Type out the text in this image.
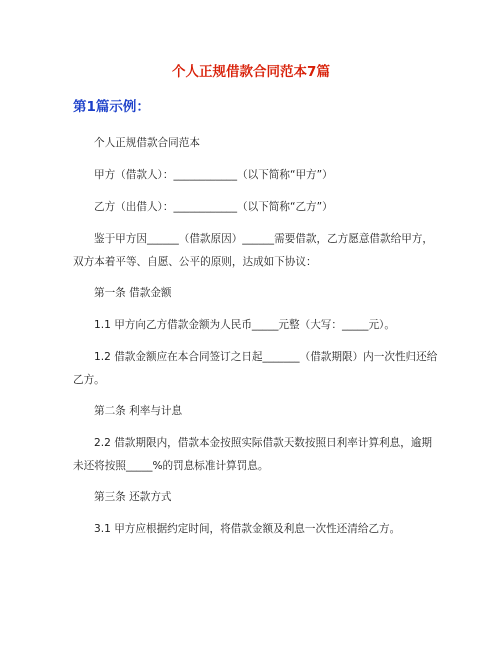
个人正规借款合同范本7篇
第1篇示例：
个人正规借款合同范本
甲方（借款人）：____________（以下简称“甲方”）
乙方（出借人）：____________（以下简称“乙方”）
鉴于甲方因______（借款原因）______需要借款，乙方愿意借款给甲方，双方本着平等、自愿、公平的原则，达成如下协议：
第一条 借款金额
1.1 甲方向乙方借款金额为人民币_____元整（大写：_____元）。
1.2 借款金额应在本合同签订之日起_______（借款期限）内一次性归还给乙方。
第二条 利率与计息
2.2 借款期限内，借款本金按照实际借款天数按照日利率计算利息，逾期未还将按照_____%的罚息标准计算罚息。
第三条 还款方式
3.1 甲方应根据约定时间，将借款金额及利息一次性还清给乙方。
